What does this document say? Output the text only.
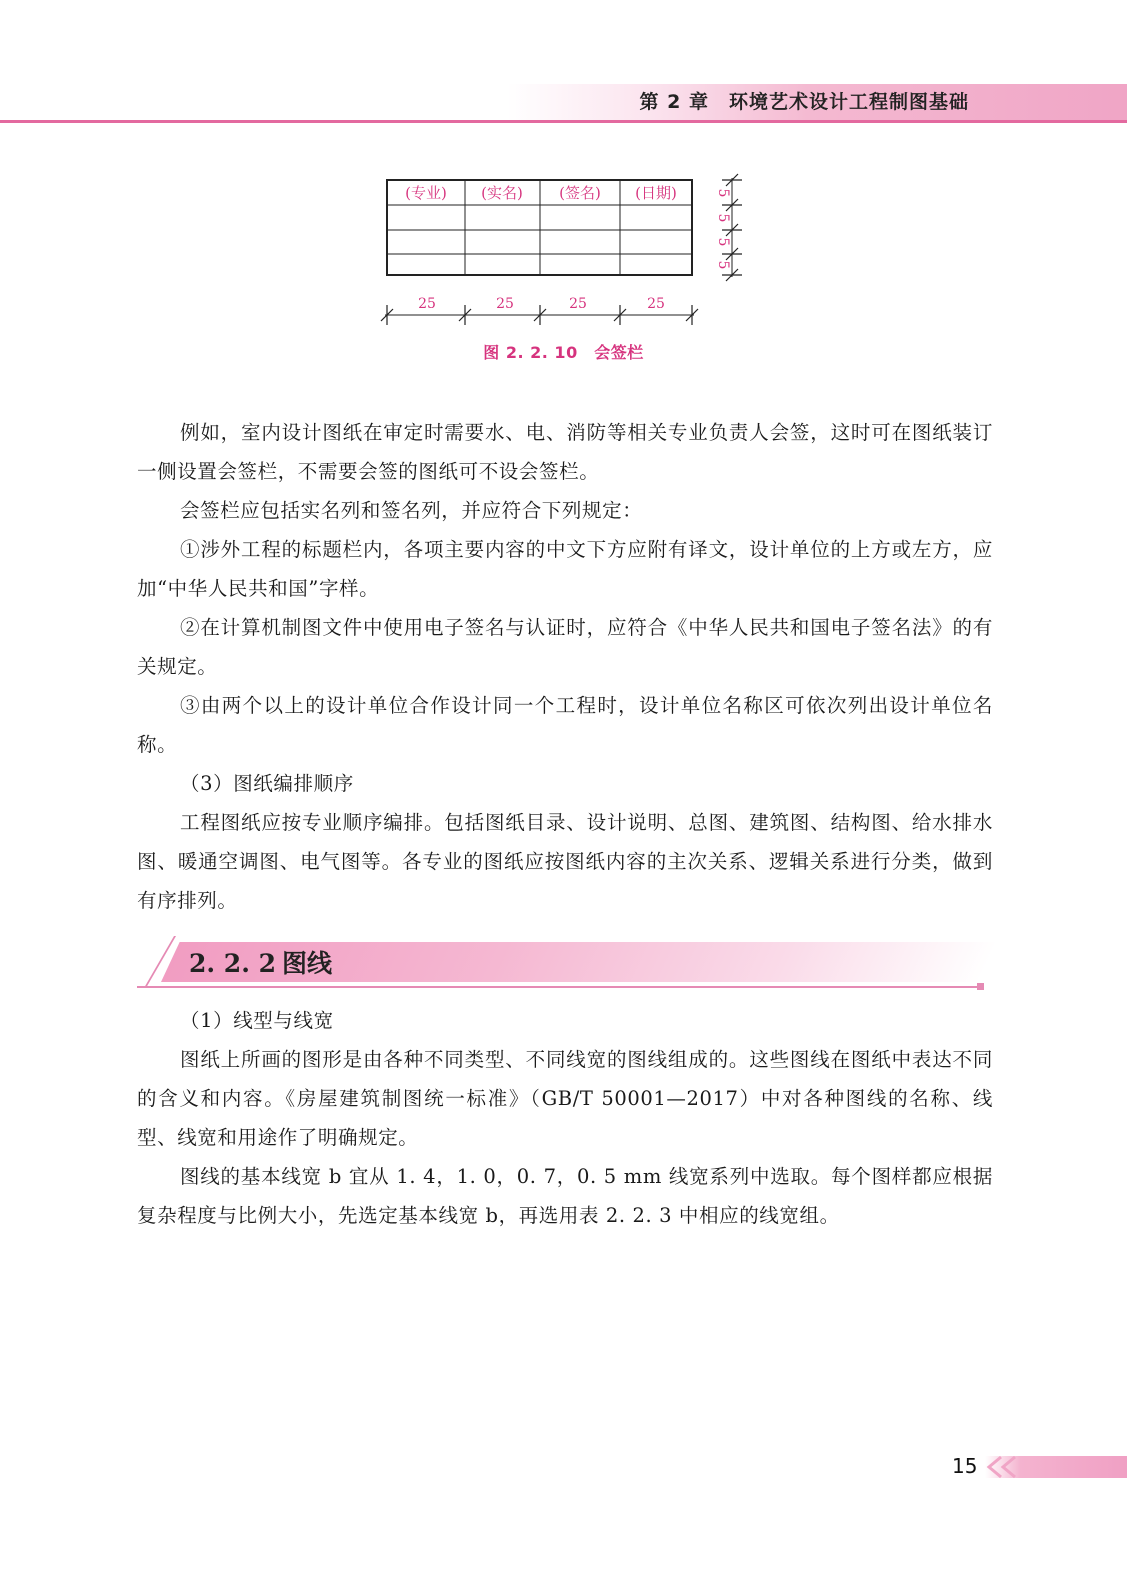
第 2 章　环境艺术设计工程制图基础
(专业) (实名) (签名) (日期)	5
5
5
5
25	25	25	25
图 2. 2. 10　会签栏

例如，室内设计图纸在审定时需要水、电、消防等相关专业负责人会签，这时可在图纸装订一侧设置会签栏，不需要会签的图纸可不设会签栏。

会签栏应包括实名列和签名列，并应符合下列规定：

①涉外工程的标题栏内，各项主要内容的中文下方应附有译文，设计单位的上方或左方，应加“中华人民共和国”字样。

②在计算机制图文件中使用电子签名与认证时，应符合《中华人民共和国电子签名法》的有关规定。

③由两个以上的设计单位合作设计同一个工程时，设计单位名称区可依次列出设计单位名称。

（3）图纸编排顺序

工程图纸应按专业顺序编排。包括图纸目录、设计说明、总图、建筑图、结构图、给水排水图、暖通空调图、电气图等。各专业的图纸应按图纸内容的主次关系、逻辑关系进行分类，做到有序排列。

2. 2. 2 图线

（1）线型与线宽

图纸上所画的图形是由各种不同类型、不同线宽的图线组成的。这些图线在图纸中表达不同的含义和内容。《房屋建筑制图统一标准》（GB/T 50001—2017）中对各种图线的名称、线型、线宽和用途作了明确规定。

图线的基本线宽 b 宜从 1. 4，1. 0，0. 7，0. 5 mm 线宽系列中选取。每个图样都应根据复杂程度与比例大小，先选定基本线宽 b，再选用表 2. 2. 3 中相应的线宽组。

15
